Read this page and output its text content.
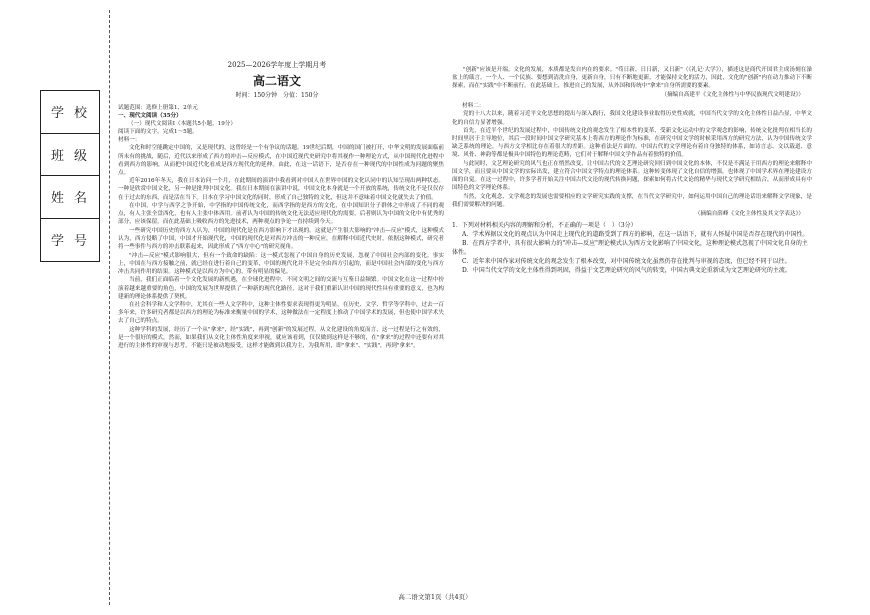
学校
班级
姓名
学号
2025—2026学年度上学期月考
高二语文
时间：150分钟　分值：150分
试题范围：选修上册第1、2单元
一、现代文阅读（35分）
（一）现代文阅读Ⅰ（本题共5小题，19分）
阅读下面的文字，完成1～5题。
材料一：

文化和时空能跳定中国的，又是现代的，这曾经是一个有争议的话题。19世纪后期，中国的国门被打开，中华文明的发展面临前所未有的挑战，随后，近代以来形成了西方的冲击—反应模式，在中国近现代史研究中将其视作一种理论方式，从中国现代化进程中看到西方的影响，从而把中国近代化看成是西方现代化的延伸。由此，在这一话语下，是否存在一种现代的中国性成为问题的聚焦点。

近年2016年冬天，我在日本访问一个月，在此期间的演讲中我看到对中国人在世界中国的文化认同中的认知呈现出两种状态。一种是欣赏中国文化，另一种是批判中国文化。我在日本期间在演讲中说，中国文化本身就是一个开放的系统，传统文化不是仅仅存在于过去的东西，而是活在当下。日本在学习中国文化的同时，形成了自己独特的文化，但这并不意味着中国文化就失去了价值。

在中国，中学与西学之争开始，中学指的中国传统文化，而西学指的是西方的文化，在中国知识分子群体之中形成了不同的观点，有人主张全盘西化，也有人主张中体西用。前者认为中国的传统文化无法适应现代化的需要，后者则认为中国的文化中有优秀的部分，应该保留，而在此基础上吸收西方的先进技术，两种观点的争论一直持续到今天。

一些研究中国历史的西方人认为，中国的现代化是在西方影响下才出现的。这就是产生很大影响的"冲击—反应"模式，这种模式认为，西方侵略了中国，中国才开始现代化，中国的现代化是对西方冲击的一种反应，在解释中国近代史时，依据这种模式，研究者将一些事件与西方的冲击联系起来，因此形成了"西方中心"的研究视角。

"冲击—反应"模式影响很大，但有一个致命的缺陷：这一模式忽视了中国自身的历史发展，忽视了中国社会内部的变化。事实上，中国在与西方接触之前，就已经在进行着自己的变革，中国的现代化并不是完全由西方引起的，而是中国社会内部的变化与西方冲击共同作用的结果。这种模式是以西方为中心的，带有明显的偏见。

当前，我们正面临着一个文化发展的新机遇，在全球化进程中，不同文明之间的交流与互鉴日益频繁。中国文化在这一过程中扮演着越来越重要的角色，中国的发展为世界提供了一种新的现代化路径，这对于我们重新认识中国的现代性具有重要的意义，也为构建新的理论体系提供了契机。

在社会科学和人文学科中，尤其在一些人文学科中，这种主体性要求表现得更为明显。在历史、文学、哲学等学科中，过去一百多年来，许多研究者都是以西方的理论为标准来衡量中国的学术，这种做法在一定程度上推动了中国学术的发展，但也使中国学术失去了自己的特点。

这种学科的发展，经历了一个从"拿来"，经"实践"，再到"创新"的发展过程，从文化建设的角度而言，这一过程是行之有效的，是一个很好的模式，然而，如果我们从文化主体性角度来审视，就应该看到，仅仅做到这样是不够的，在"拿来"的过程中还要有对其进行的主体性的审视与思考，不能只是被动地接受，这样才能做到以我为主，为我所用，即"拿来"、"实践"，再到"拿来"。

"创新"应该是开端。文化的发展，本质都是发自内在的要求。"苟日新，日日新，又日新"（《礼记·大学》），描述这是商代开国君主成汤刻在澡盆上的箴言。一个人、一个民族、要想到清洗自身，更新自身，只有不断地更新，才能保持文化的活力，因此，文化的"创新"内在动力推动下不断探索，而在"实践"中不断前行。在此基础上，推进自己的发展，从外国和传统中"拿来"自身所需要的要素。

（摘编自高建平《文化主体性与中华民族现代文明建设》）
材料二：

党的十八大以来，随着习近平文化思想的提出与深入践行，我国文化建设事业取得历史性成就，中国当代文学的文化主体性日益凸显，中华文化的自信力显著增强。

首先，在近半个世纪的发展过程中，中国传统文化的观念发生了根本性的变革，受新文化运动中的文学观念的影响，传统文化批判在相当长的时间里居于主导地位，其后一段时间中国文学研究基本上将西方的理论作为标准，在研究中国文学的时候采用西方的研究方法，认为中国传统文学缺乏系统的理论，与西方文学相比存在着很大的差距。这种看法是片面的。中国古代的文学理论有着自身独特的体系，如诗言志、文以载道、意境、风骨、神韵等都是极具中国特色的理论范畴，它们对于解释中国文学作品有着独特的价值。

与此同时，文艺理论研究的风气也正在悄然改变，让中国古代的文艺理论研究回归到中国文化的本体，不仅是不满足于用西方的理论来解释中国文学，而且要从中国文学的实际出发，建立符合中国文学特点的理论体系。这种转变体现了文化自信的增强，也体现了中国学术界在理论建设方面的自觉。在这一过程中，许多学者开始关注中国古代文论的现代转换问题，探索如何将古代文论的精华与现代文学研究相结合，从而形成具有中国特色的文学理论体系。

当然，文化观念、文学观念的发展也需要相应的文学研究实践的支撑，在当代文学研究中，如何运用中国自己的理论话语来解释文学现象，是我们需要解决的问题。

（摘编自薛峰《文化主体性及其文学表达》）
1．下列对材料相关内容的理解和分析，不正确的一项是（　）（3分）
A．学术界据以文化的观点认为中国走上现代化的道路受到了西方的影响，在这一话语下，就有人怀疑中国是否存在现代的中国性。
B．在西方学者中，具有很大影响力的"冲击—反应"理论模式认为西方文化影响了中国文化，这种理论模式忽视了中国文化自身的主体性。
C．近年来中国作家对传统文化的观念发生了根本改变，对中国传统文化虽然仍存在批判与审视的态度，但已经不同于以往。
D．中国当代文学的文化主体性得到巩固，得益于文艺理论研究的风气的转变，中国古典文论重新成为文艺理论研究的主流。
高二语文第1页（共4页）
